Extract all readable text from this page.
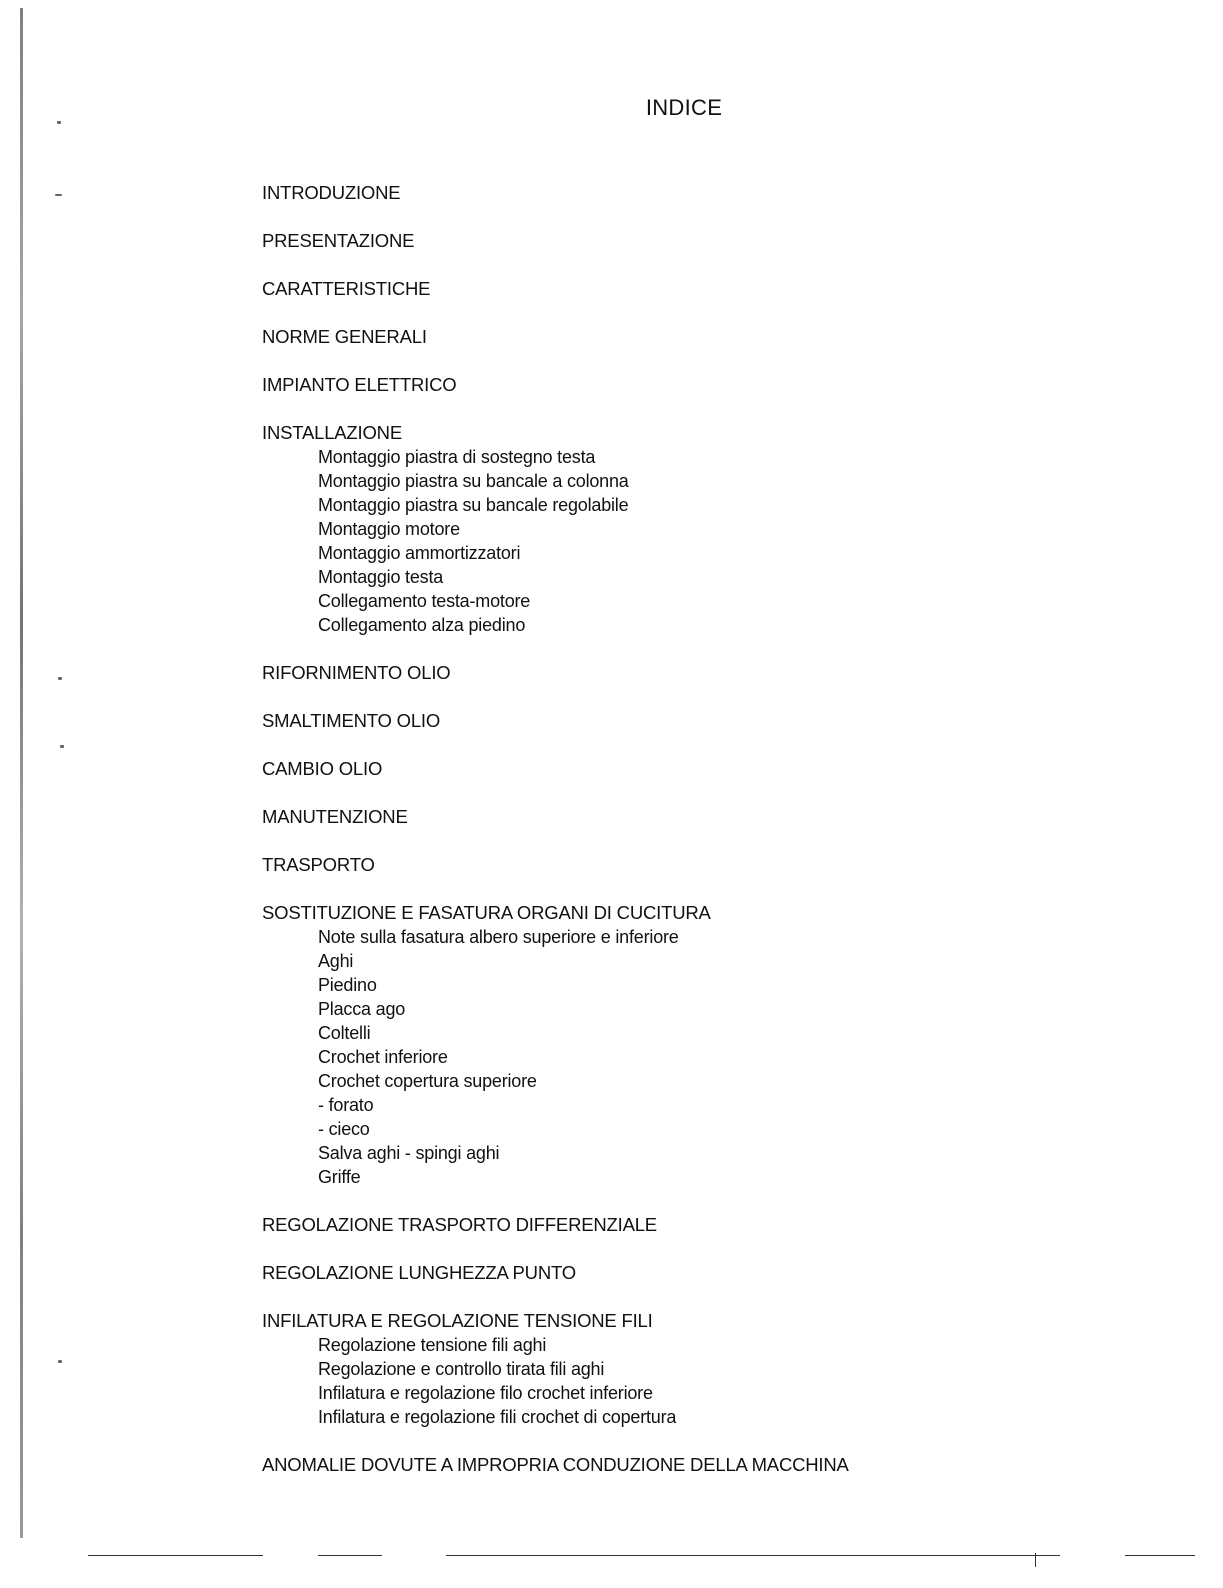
INDICE
INTRODUZIONE
PRESENTAZIONE
CARATTERISTICHE
NORME GENERALI
IMPIANTO ELETTRICO
INSTALLAZIONE
Montaggio piastra di sostegno testa
Montaggio piastra su bancale a colonna
Montaggio piastra su bancale regolabile
Montaggio motore
Montaggio ammortizzatori
Montaggio testa
Collegamento testa-motore
Collegamento alza piedino
RIFORNIMENTO OLIO
SMALTIMENTO OLIO
CAMBIO OLIO
MANUTENZIONE
TRASPORTO
SOSTITUZIONE E FASATURA ORGANI DI CUCITURA
Note sulla fasatura albero superiore e inferiore
Aghi
Piedino
Placca ago
Coltelli
Crochet inferiore
Crochet copertura superiore
- forato
- cieco
Salva aghi - spingi aghi
Griffe
REGOLAZIONE TRASPORTO DIFFERENZIALE
REGOLAZIONE LUNGHEZZA PUNTO
INFILATURA E REGOLAZIONE TENSIONE FILI
Regolazione tensione fili aghi
Regolazione e controllo tirata fili aghi
Infilatura e regolazione filo crochet inferiore
Infilatura e regolazione fili crochet di copertura
ANOMALIE DOVUTE A IMPROPRIA CONDUZIONE DELLA MACCHINA
